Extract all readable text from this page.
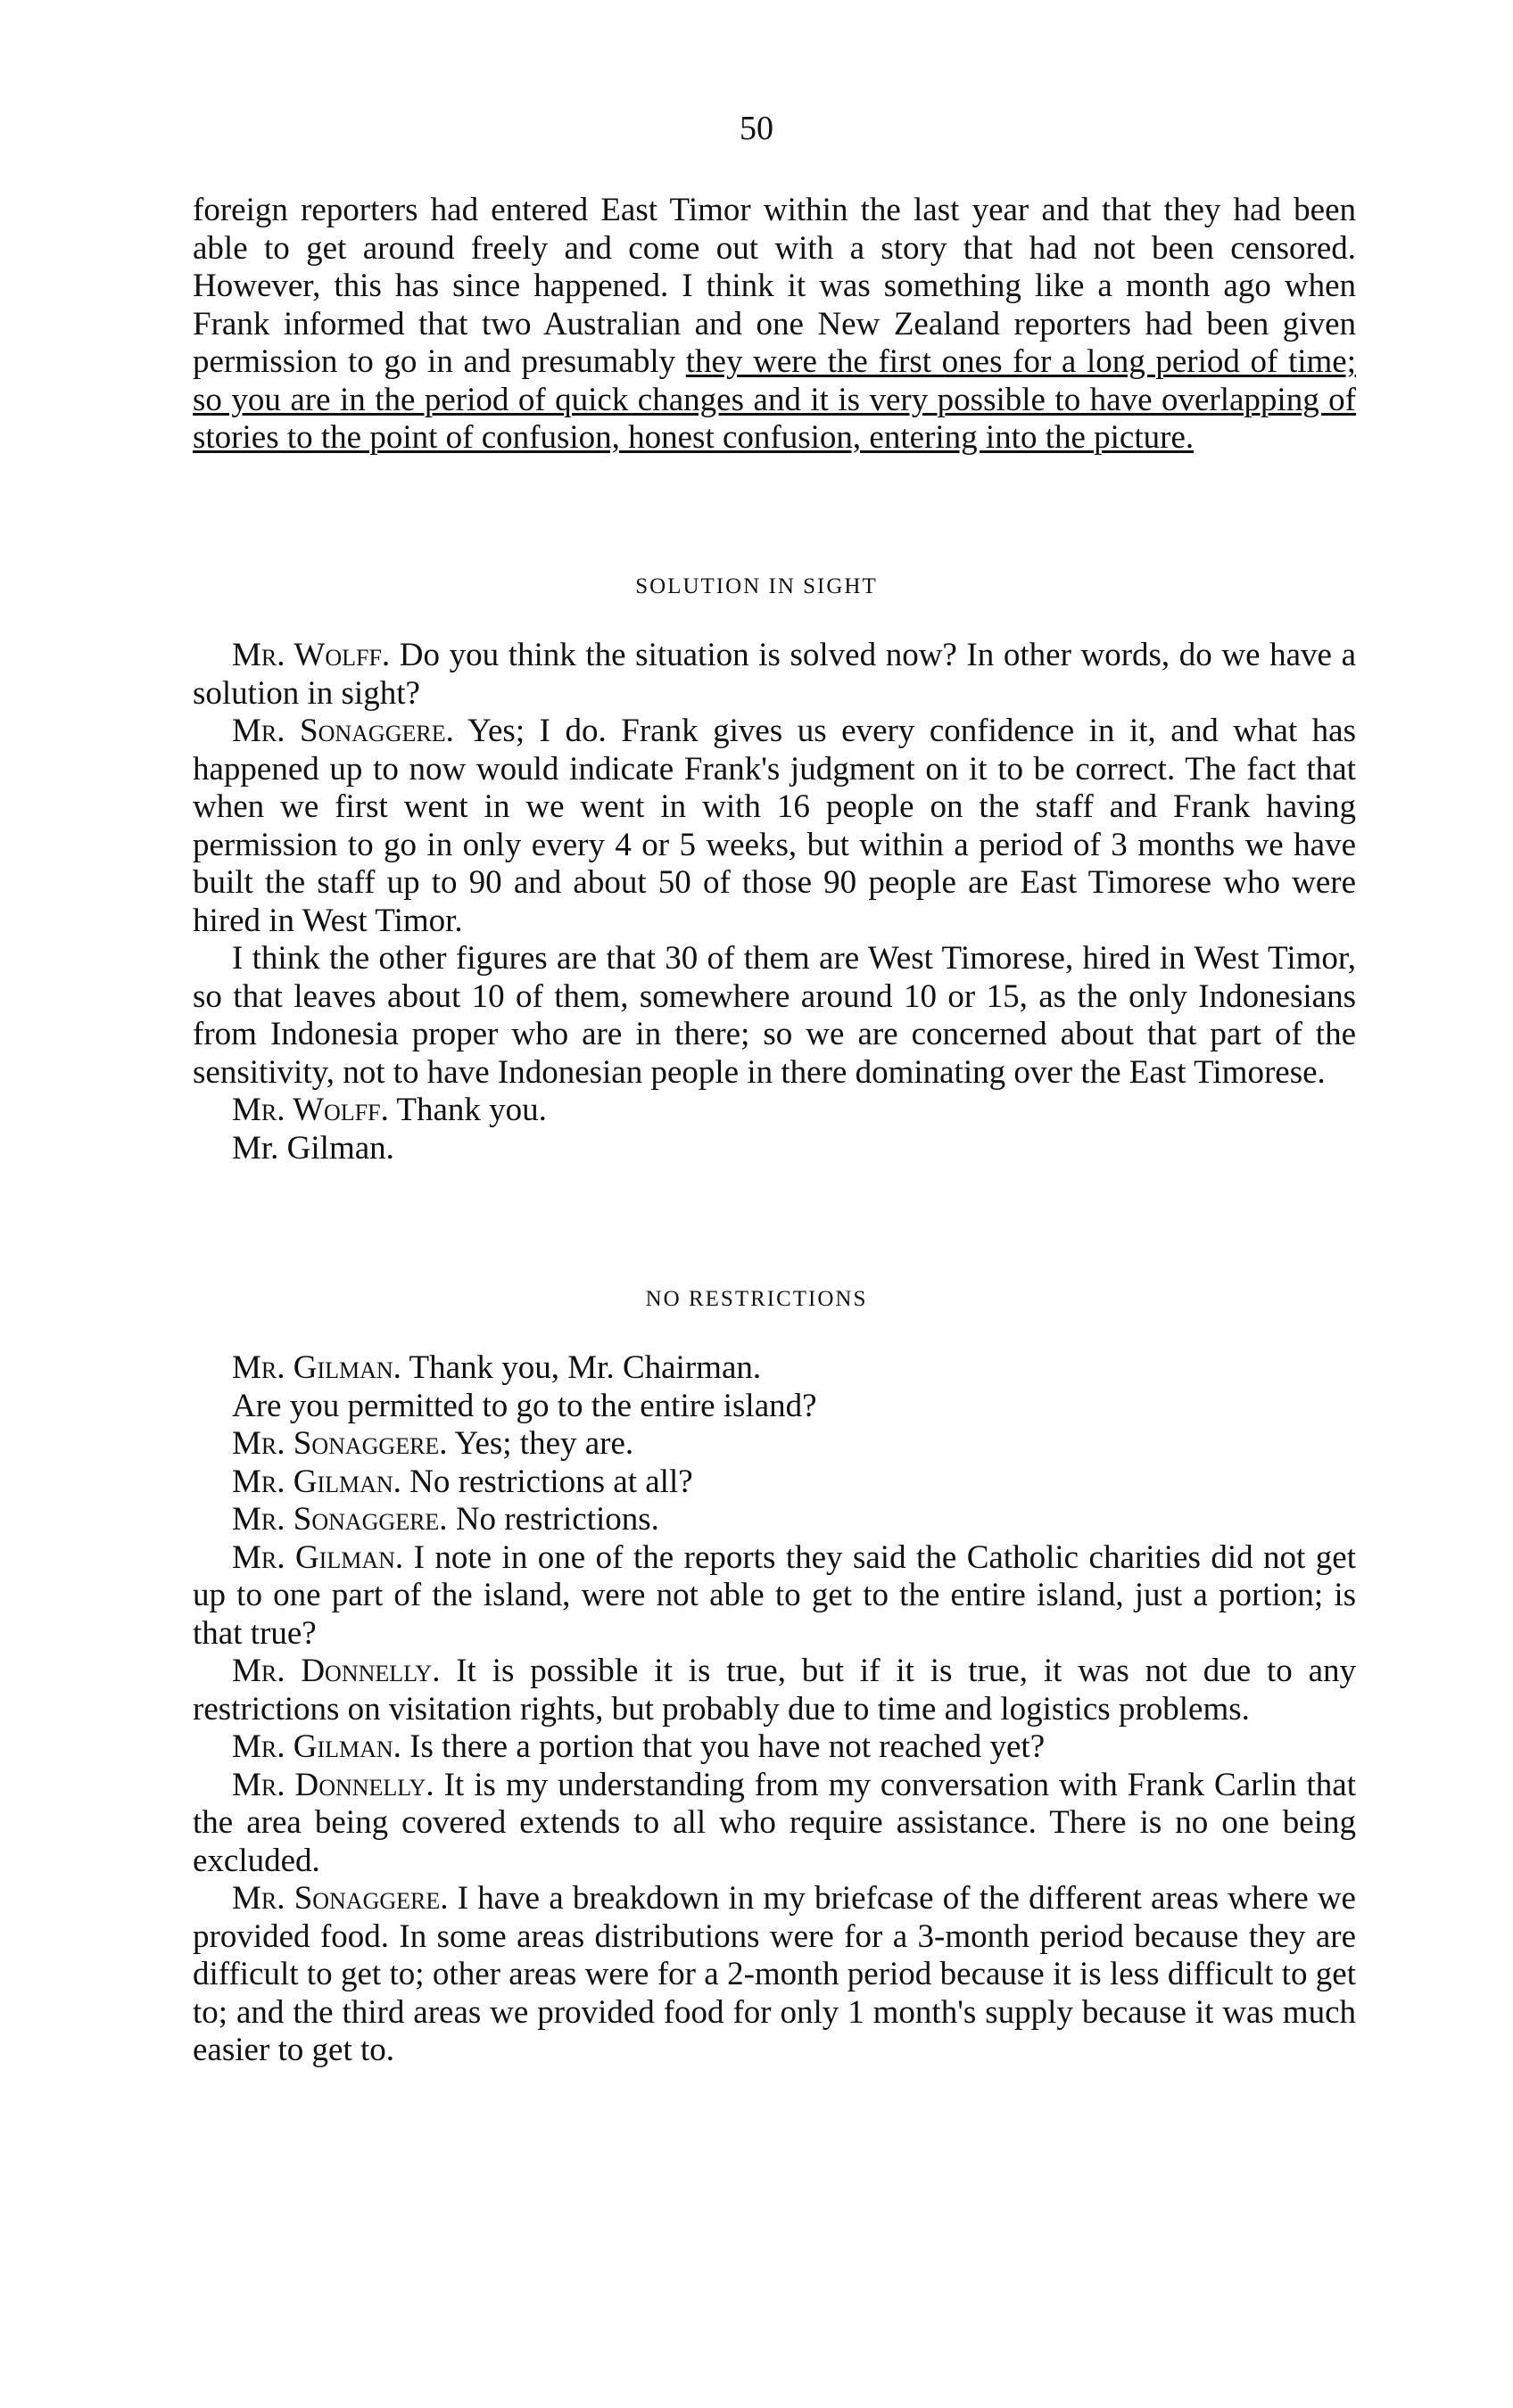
50

foreign reporters had entered East Timor within the last year and that they had been able to get around freely and come out with a story that had not been censored. However, this has since happened. I think it was something like a month ago when Frank informed that two Australian and one New Zealand reporters had been given permission to go in and presumably they were the first ones for a long period of time; so you are in the period of quick changes and it is very possible to have overlapping of stories to the point of confusion, honest confusion, entering into the picture.

SOLUTION IN SIGHT

Mr. Wolff. Do you think the situation is solved now? In other words, do we have a solution in sight?

Mr. Sonaggere. Yes; I do. Frank gives us every confidence in it, and what has happened up to now would indicate Frank's judgment on it to be correct. The fact that when we first went in we went in with 16 people on the staff and Frank having permission to go in only every 4 or 5 weeks, but within a period of 3 months we have built the staff up to 90 and about 50 of those 90 people are East Timorese who were hired in West Timor.

I think the other figures are that 30 of them are West Timorese, hired in West Timor, so that leaves about 10 of them, somewhere around 10 or 15, as the only Indonesians from Indonesia proper who are in there; so we are concerned about that part of the sensitivity, not to have Indonesian people in there dominating over the East Timorese.

Mr. Wolff. Thank you.

Mr. Gilman.

NO RESTRICTIONS

Mr. Gilman. Thank you, Mr. Chairman.

Are you permitted to go to the entire island?

Mr. Sonaggere. Yes; they are.

Mr. Gilman. No restrictions at all?

Mr. Sonaggere. No restrictions.

Mr. Gilman. I note in one of the reports they said the Catholic charities did not get up to one part of the island, were not able to get to the entire island, just a portion; is that true?

Mr. Donnelly. It is possible it is true, but if it is true, it was not due to any restrictions on visitation rights, but probably due to time and logistics problems.

Mr. Gilman. Is there a portion that you have not reached yet?

Mr. Donnelly. It is my understanding from my conversation with Frank Carlin that the area being covered extends to all who require assistance. There is no one being excluded.

Mr. Sonaggere. I have a breakdown in my briefcase of the different areas where we provided food. In some areas distributions were for a 3-month period because they are difficult to get to; other areas were for a 2-month period because it is less difficult to get to; and the third areas we provided food for only 1 month's supply because it was much easier to get to.
